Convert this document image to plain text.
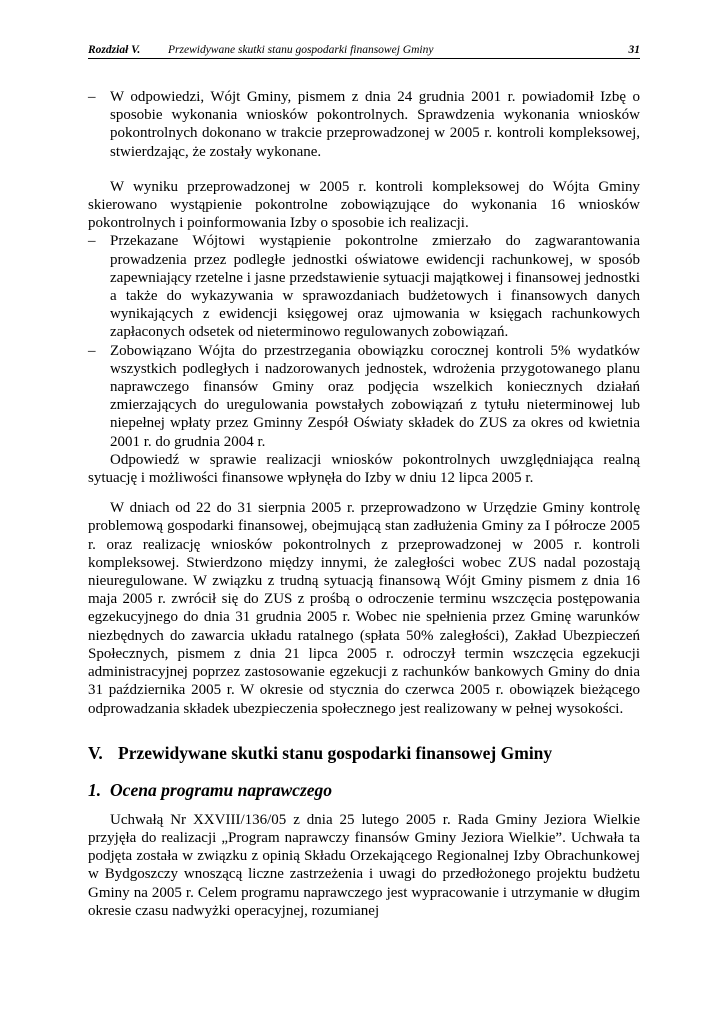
Rozdział V. Przewidywane skutki stanu gospodarki finansowej Gminy	31

– W odpowiedzi, Wójt Gminy, pismem z dnia 24 grudnia 2001 r. powiadomił Izbę o sposobie wykonania wniosków pokontrolnych. Sprawdzenia wykonania wniosków pokontrolnych dokonano w trakcie przeprowadzonej w 2005 r. kontroli kompleksowej, stwierdzając, że zostały wykonane.

W wyniku przeprowadzonej w 2005 r. kontroli kompleksowej do Wójta Gminy skierowano wystąpienie pokontrolne zobowiązujące do wykonania 16 wniosków pokontrolnych i poinformowania Izby o sposobie ich realizacji.

– Przekazane Wójtowi wystąpienie pokontrolne zmierzało do zagwarantowania prowadzenia przez podległe jednostki oświatowe ewidencji rachunkowej, w sposób zapewniający rzetelne i jasne przedstawienie sytuacji majątkowej i finansowej jednostki a także do wykazywania w sprawozdaniach budżetowych i finansowych danych wynikających z ewidencji księgowej oraz ujmowania w księgach rachunkowych zapłaconych odsetek od nieterminowo regulowanych zobowiązań.

– Zobowiązano Wójta do przestrzegania obowiązku corocznej kontroli 5% wydatków wszystkich podległych i nadzorowanych jednostek, wdrożenia przygotowanego planu naprawczego finansów Gminy oraz podjęcia wszelkich koniecznych działań zmierzających do uregulowania powstałych zobowiązań z tytułu nieterminowej lub niepełnej wpłaty przez Gminny Zespół Oświaty składek do ZUS za okres od kwietnia 2001 r. do grudnia 2004 r.

Odpowiedź w sprawie realizacji wniosków pokontrolnych uwzględniająca realną sytuację i możliwości finansowe wpłynęła do Izby w dniu 12 lipca 2005 r.

W dniach od 22 do 31 sierpnia 2005 r. przeprowadzono w Urzędzie Gminy kontrolę problemową gospodarki finansowej, obejmującą stan zadłużenia Gminy za I półrocze 2005 r. oraz realizację wniosków pokontrolnych z przeprowadzonej w 2005 r. kontroli kompleksowej. Stwierdzono między innymi, że zaległości wobec ZUS nadal pozostają nieuregulowane. W związku z trudną sytuacją finansową Wójt Gminy pismem z dnia 16 maja 2005 r. zwrócił się do ZUS z prośbą o odroczenie terminu wszczęcia postępowania egzekucyjnego do dnia 31 grudnia 2005 r. Wobec nie spełnienia przez Gminę warunków niezbędnych do zawarcia układu ratalnego (spłata 50% zaległości), Zakład Ubezpieczeń Społecznych, pismem z dnia 21 lipca 2005 r. odroczył termin wszczęcia egzekucji administracyjnej poprzez zastosowanie egzekucji z rachunków bankowych Gminy do dnia 31 października 2005 r. W okresie od stycznia do czerwca 2005 r. obowiązek bieżącego odprowadzania składek ubezpieczenia społecznego jest realizowany w pełnej wysokości.

V. Przewidywane skutki stanu gospodarki finansowej Gminy
1. Ocena programu naprawczego

Uchwałą Nr XXVIII/136/05 z dnia 25 lutego 2005 r. Rada Gminy Jeziora Wielkie przyjęła do realizacji „Program naprawczy finansów Gminy Jeziora Wielkie”. Uchwała ta podjęta została w związku z opinią Składu Orzekającego Regionalnej Izby Obrachunkowej w Bydgoszczy wnoszącą liczne zastrzeżenia i uwagi do przedłożonego projektu budżetu Gminy na 2005 r. Celem programu naprawczego jest wypracowanie i utrzymanie w długim okresie czasu nadwyżki operacyjnej, rozumianej
